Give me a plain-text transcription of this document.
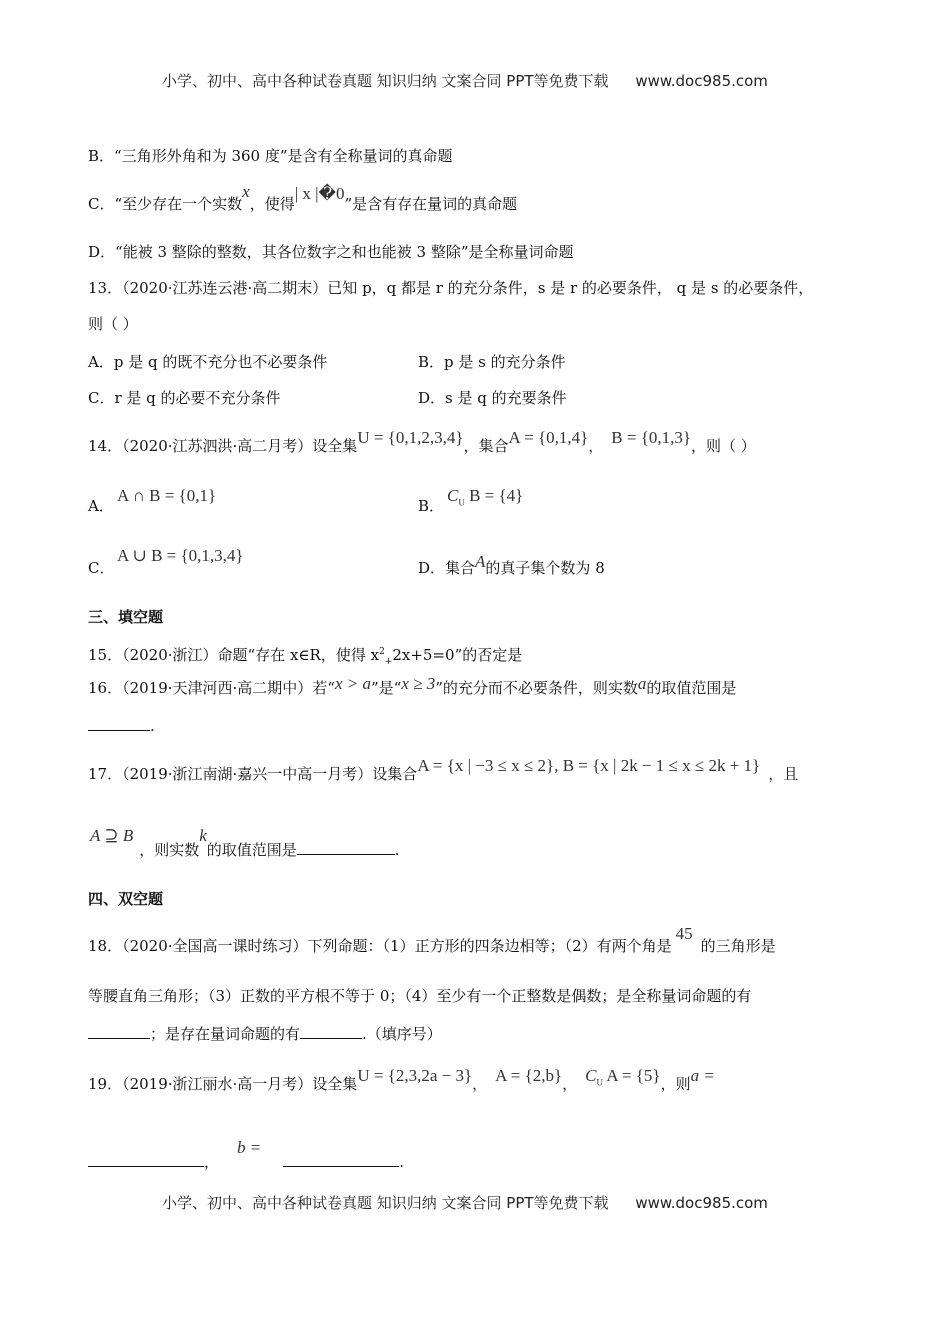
小学、初中、高中各种试卷真题 知识归纳 文案合同 PPT等免费下载 www.doc985.com
B．“三角形外角和为 360 度”是含有全称量词的真命题
C．“至少存在一个实数x，使得| x |�0”是含有存在量词的真命题
D．“能被 3 整除的整数，其各位数字之和也能被 3 整除”是全称量词命题
13．（2020·江苏连云港·高二期末）已知 p，q 都是 r 的充分条件，s 是 r 的必要条件， q 是 s 的必要条件，
则（ ）
A．p 是 q 的既不充分也不必要条件	B．p 是 s 的充分条件
C．r 是 q 的必要不充分条件	D．s 是 q 的充要条件
14．（2020·江苏泗洪·高二月考）设全集U = {0,1,2,3,4}，集合A = {0,1,4}， B = {0,1,3}，则（ ）
A．
A ∩ B = {0,1}
B．
$C_U$ B = {4}
C．
A ∪ B = {0,1,3,4}
D．集合A的真子集个数为 8
三、填空题
15．（2020·浙江）命题“存在 x∈R，使得 $x^2_+2x+5=0$”的否定是
16．（2019·天津河西·高二期中）若“x > a”是“x ≥ 3”的充分而不必要条件，则实数a的取值范围是
.
17．（2019·浙江南湖·嘉兴一中高一月考）设集合A = {x | −3 ≤ x ≤ 2}, B = {x | 2k − 1 ≤ x ≤ 2k + 1} ，且
A ⊇ B，则实数k的取值范围是	.
四、双空题
18．（2020·全国高一课时练习）下列命题：（1）正方形的四条边相等；（2）有两个角是45的三角形是
等腰直角三角形；（3）正数的平方根不等于 0；（4）至少有一个正整数是偶数；是全称量词命题的有
；是存在量词命题的有	.（填序号）
19．（2019·浙江丽水·高一月考）设全集U = {2,3,2a − 3}， A = {2,b}， $C_U$ A = {5}，则a =
，b =.
小学、初中、高中各种试卷真题 知识归纳 文案合同 PPT等免费下载 www.doc985.com
